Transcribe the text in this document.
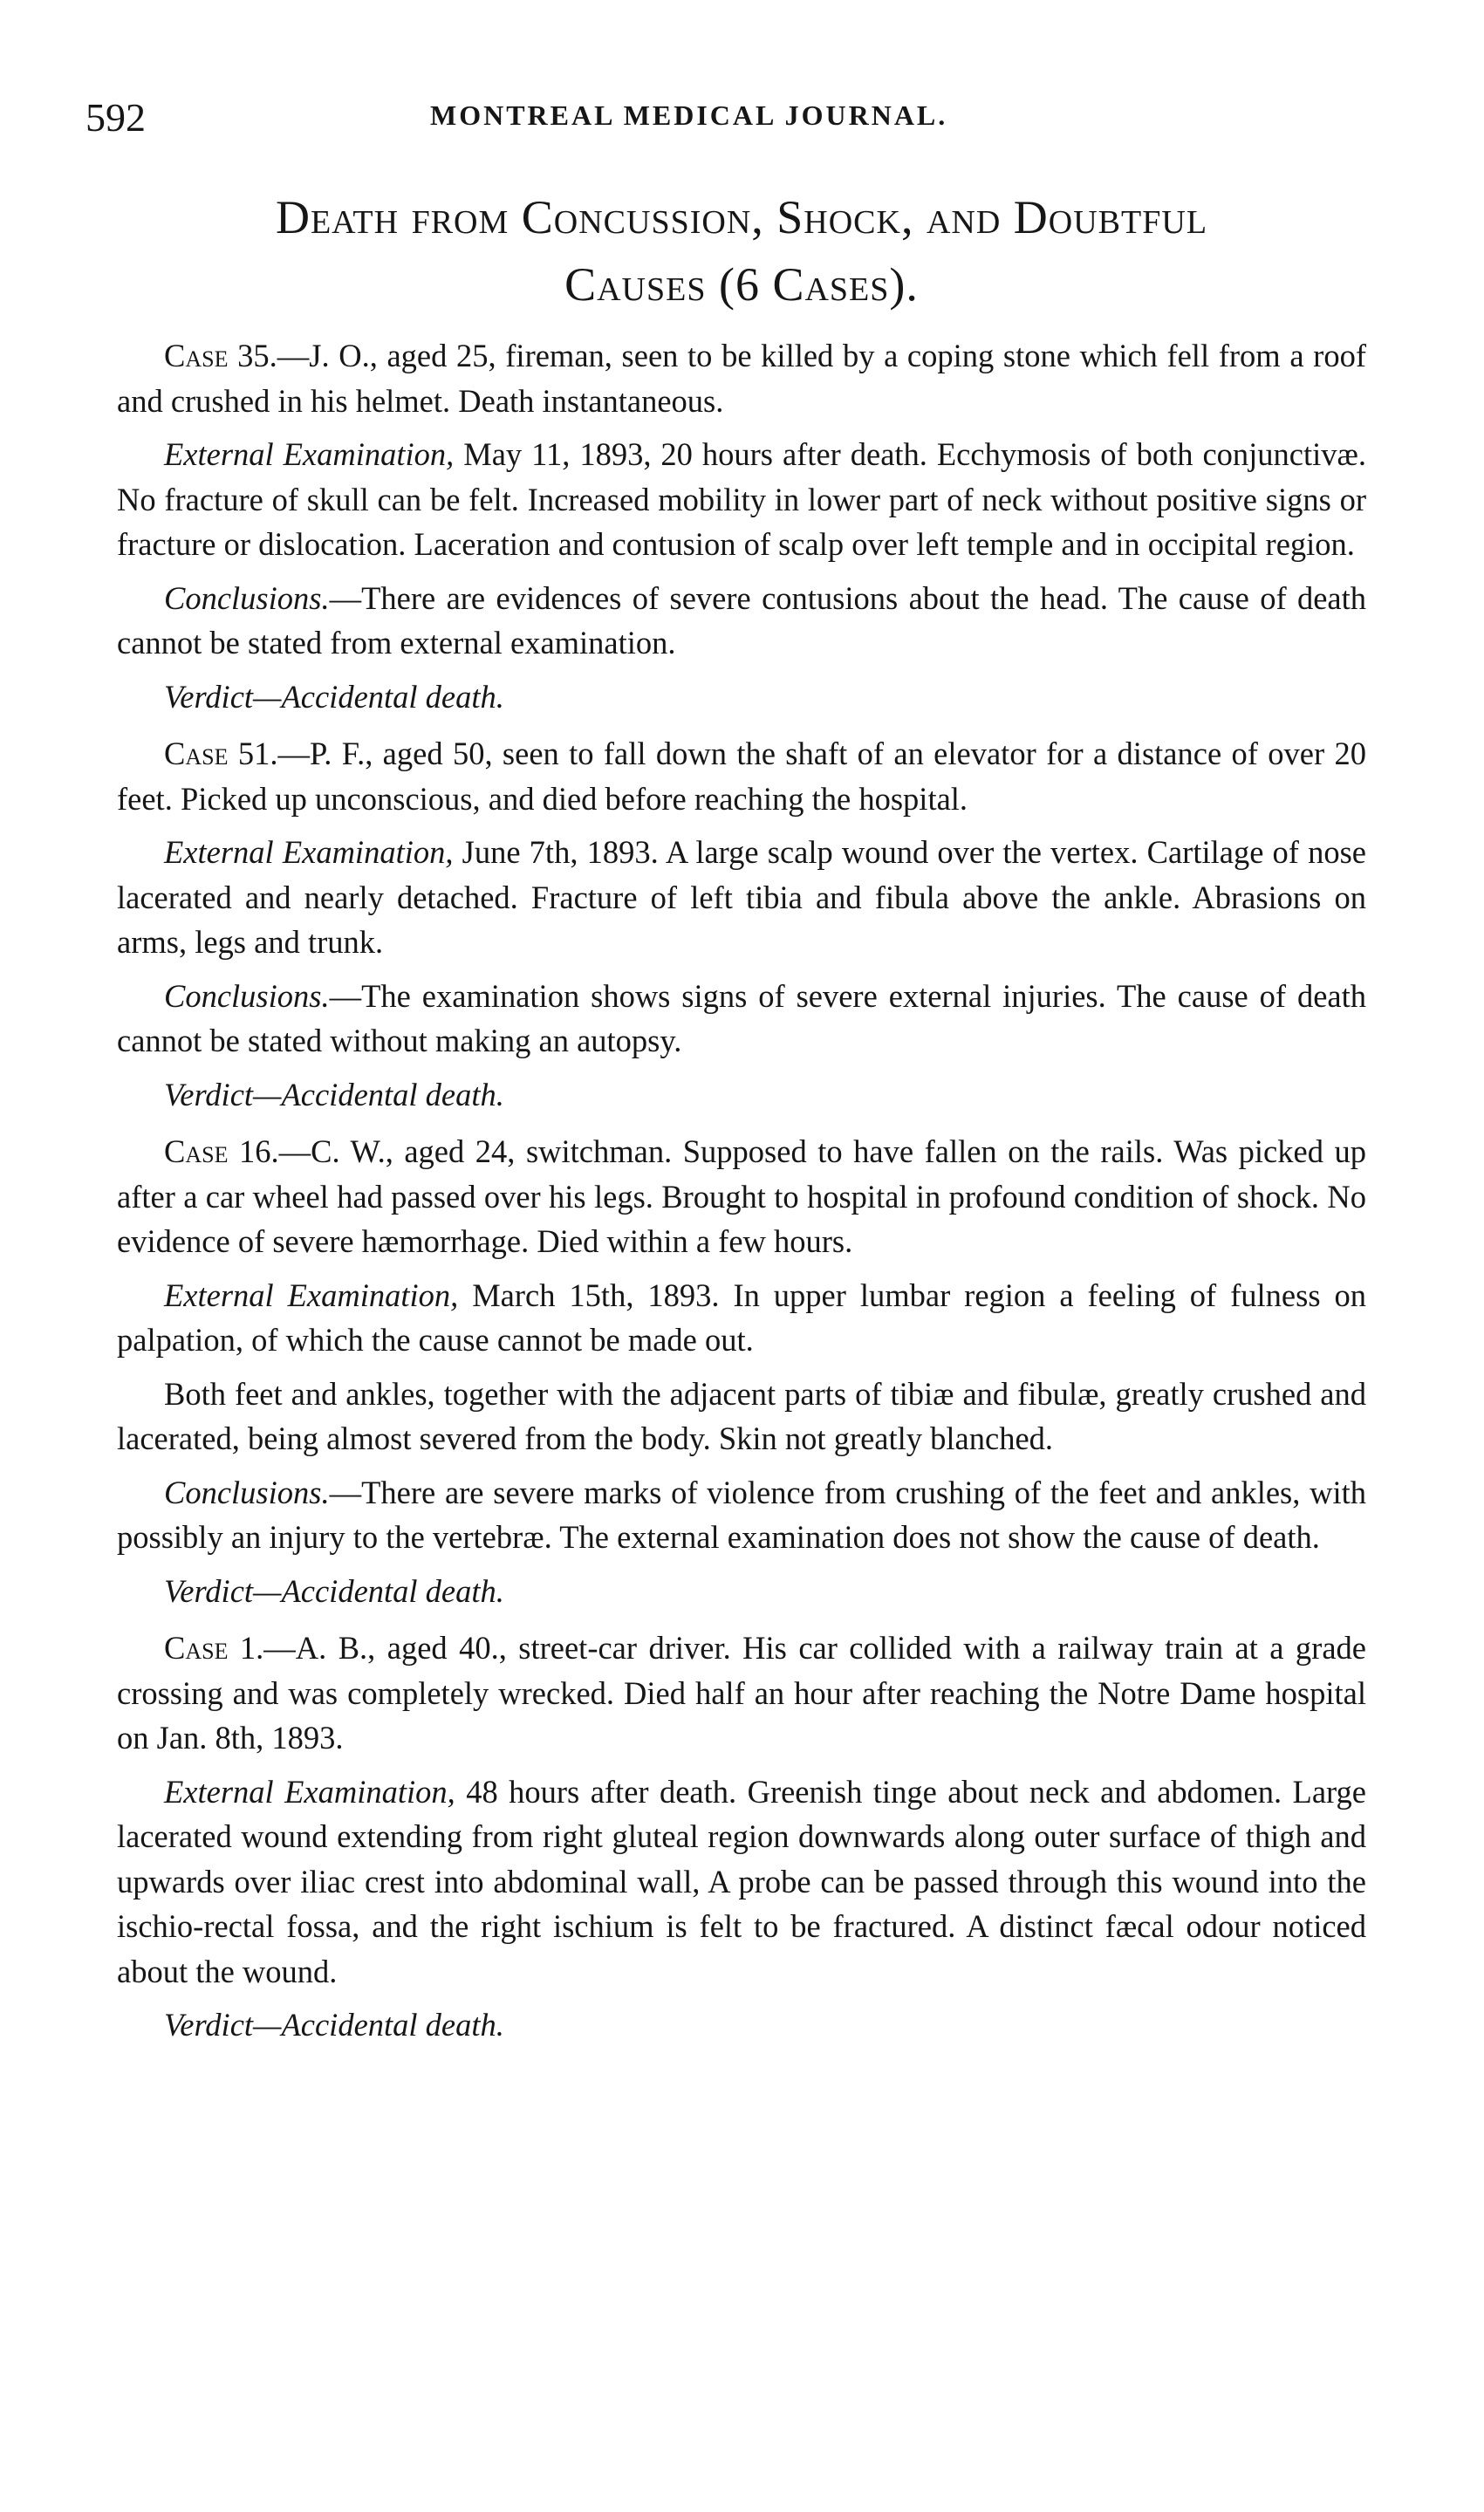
592	MONTREAL MEDICAL JOURNAL.
Death from Concussion, Shock, and Doubtful
Causes (6 Cases).

Case 35.—J. O., aged 25, fireman, seen to be killed by a coping stone which fell from a roof and crushed in his helmet. Death instantaneous.

External Examination, May 11, 1893, 20 hours after death. Ecchymosis of both conjunctivæ. No fracture of skull can be felt. Increased mobility in lower part of neck without positive signs or fracture or dislocation. Laceration and contusion of scalp over left temple and in occipital region.

Conclusions.—There are evidences of severe contusions about the head. The cause of death cannot be stated from external examination.

Verdict—Accidental death.

Case 51.—P. F., aged 50, seen to fall down the shaft of an elevator for a distance of over 20 feet. Picked up unconscious, and died before reaching the hospital.

External Examination, June 7th, 1893. A large scalp wound over the vertex. Cartilage of nose lacerated and nearly detached. Fracture of left tibia and fibula above the ankle. Abrasions on arms, legs and trunk.

Conclusions.—The examination shows signs of severe external injuries. The cause of death cannot be stated without making an autopsy.

Verdict—Accidental death.

Case 16.—C. W., aged 24, switchman. Supposed to have fallen on the rails. Was picked up after a car wheel had passed over his legs. Brought to hospital in profound condition of shock. No evidence of severe hæmorrhage. Died within a few hours.

External Examination, March 15th, 1893. In upper lumbar region a feeling of fulness on palpation, of which the cause cannot be made out.

Both feet and ankles, together with the adjacent parts of tibiæ and fibulæ, greatly crushed and lacerated, being almost severed from the body. Skin not greatly blanched.

Conclusions.—There are severe marks of violence from crushing of the feet and ankles, with possibly an injury to the vertebræ. The external examination does not show the cause of death.

Verdict—Accidental death.

Case 1.—A. B., aged 40., street-car driver. His car collided with a railway train at a grade crossing and was completely wrecked. Died half an hour after reaching the Notre Dame hospital on Jan. 8th, 1893.

External Examination, 48 hours after death. Greenish tinge about neck and abdomen. Large lacerated wound extending from right gluteal region downwards along outer surface of thigh and upwards over iliac crest into abdominal wall, A probe can be passed through this wound into the ischio-rectal fossa, and the right ischium is felt to be fractured. A distinct fæcal odour noticed about the wound.

Verdict—Accidental death.
